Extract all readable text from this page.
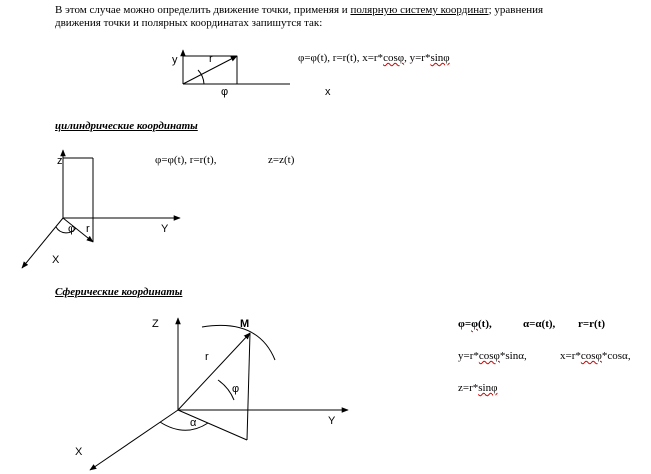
В этом случае можно определить движение точки, применяя и полярную систему координат; уравнения
движения точки и полярных координатах запишутся так:
y	r
φ	x
z
φ r	Y
X
Z	M
r
φ
α	Y
X
φ=φ(t), r=r(t), x=r*cosφ, y=r*sinφ
цилиндрические координаты
φ=φ(t), r=r(t),	z=z(t)
Сферические координаты
φ=φ(t),	α=α(t), r=r(t)
y=r*cosφ*sinα,	x=r*cosφ*cosα,
z=r*sinφ
